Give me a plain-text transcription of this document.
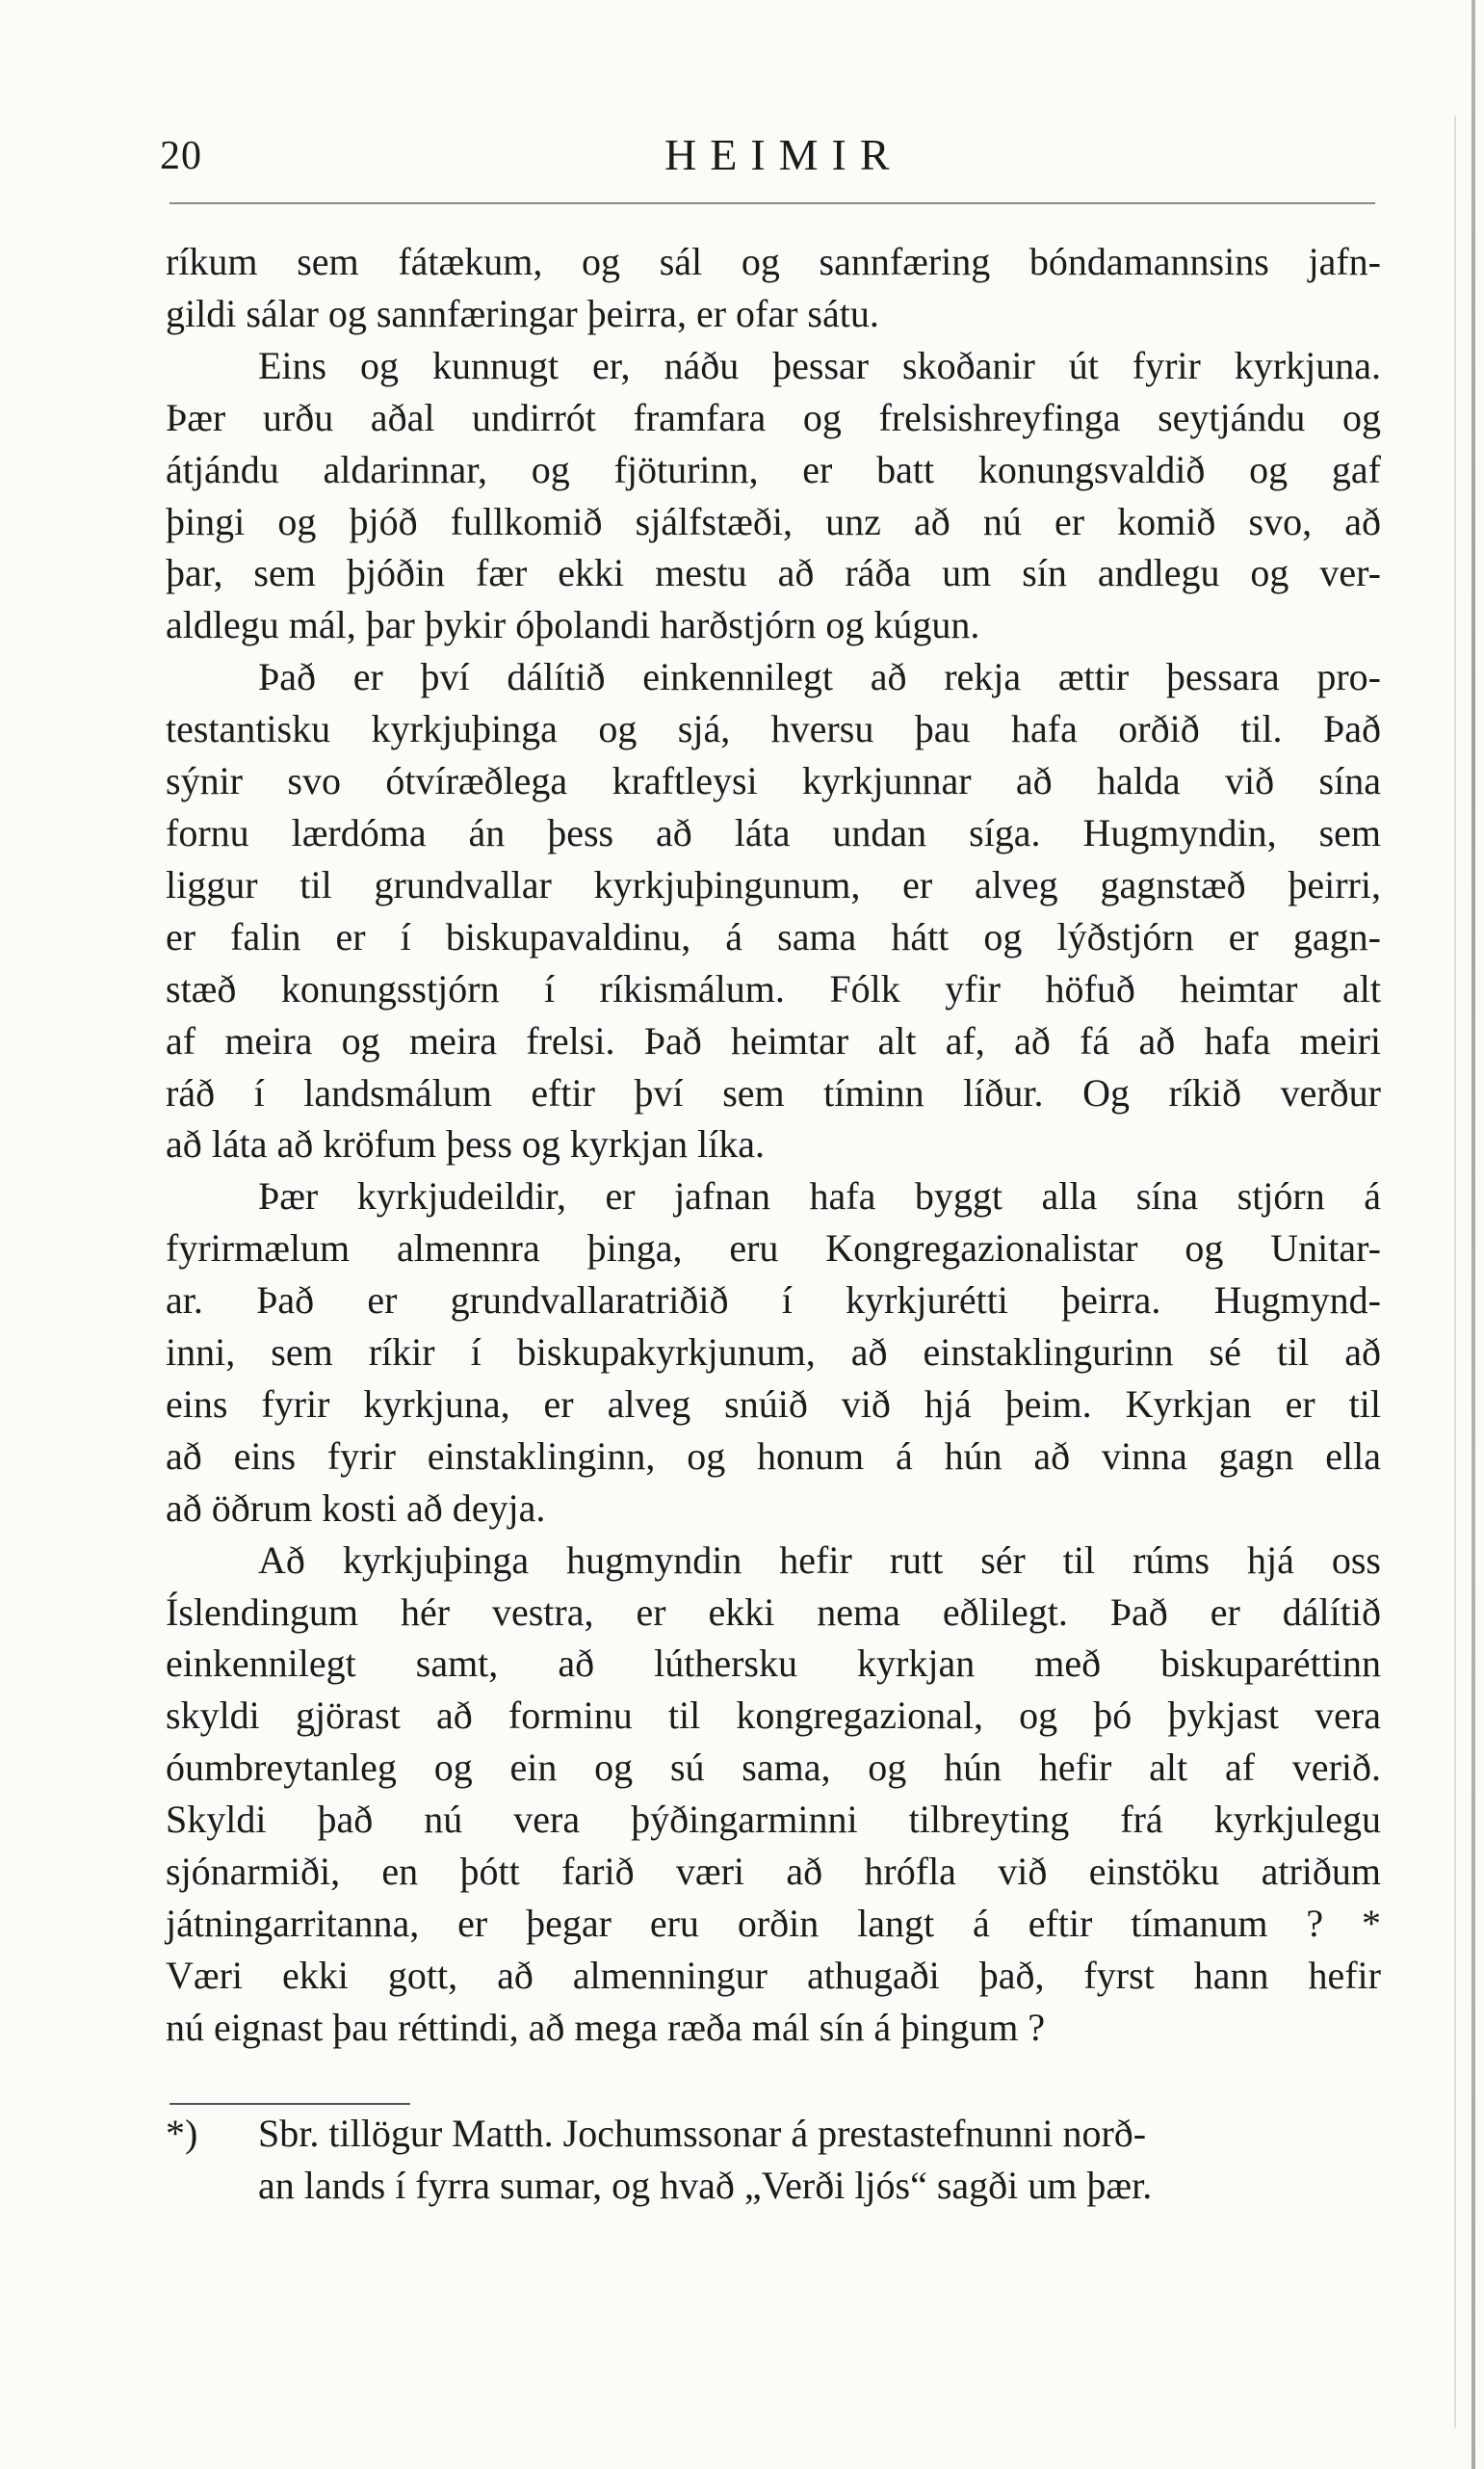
20	HEIMIR
ríkum sem fátækum, og sál og sannfæring bóndamannsins jafn-
gildi sálar og sannfæringar þeirra, er ofar sátu.
Eins og kunnugt er, náðu þessar skoðanir út fyrir kyrkjuna.
Þær urðu aðal undirrót framfara og frelsishreyfinga seytjándu og
átjándu aldarinnar, og fjöturinn, er batt konungsvaldið og gaf
þingi og þjóð fullkomið sjálfstæði, unz að nú er komið svo, að
þar, sem þjóðin fær ekki mestu að ráða um sín andlegu og ver-
aldlegu mál, þar þykir óþolandi harðstjórn og kúgun.
Það er því dálítið einkennilegt að rekja ættir þessara pro-
testantisku kyrkjuþinga og sjá, hversu þau hafa orðið til. Það
sýnir svo ótvíræðlega kraftleysi kyrkjunnar að halda við sína
fornu lærdóma án þess að láta undan síga. Hugmyndin, sem
liggur til grundvallar kyrkjuþingunum, er alveg gagnstæð þeirri,
er falin er í biskupavaldinu, á sama hátt og lýðstjórn er gagn-
stæð konungsstjórn í ríkismálum. Fólk yfir höfuð heimtar alt
af meira og meira frelsi. Það heimtar alt af, að fá að hafa meiri
ráð í landsmálum eftir því sem tíminn líður. Og ríkið verður
að láta að kröfum þess og kyrkjan líka.
Þær kyrkjudeildir, er jafnan hafa byggt alla sína stjórn á
fyrirmælum almennra þinga, eru Kongregazionalistar og Unitar-
ar. Það er grundvallaratriðið í kyrkjurétti þeirra. Hugmynd-
inni, sem ríkir í biskupakyrkjunum, að einstaklingurinn sé til að
eins fyrir kyrkjuna, er alveg snúið við hjá þeim. Kyrkjan er til
að eins fyrir einstaklinginn, og honum á hún að vinna gagn ella
að öðrum kosti að deyja.
Að kyrkjuþinga hugmyndin hefir rutt sér til rúms hjá oss
Íslendingum hér vestra, er ekki nema eðlilegt. Það er dálítið
einkennilegt samt, að lúthersku kyrkjan með biskuparéttinn
skyldi gjörast að forminu til kongregazional, og þó þykjast vera
óumbreytanleg og ein og sú sama, og hún hefir alt af verið.
Skyldi það nú vera þýðingarminni tilbreyting frá kyrkjulegu
sjónarmiði, en þótt farið væri að hrófla við einstöku atriðum
játningarritanna, er þegar eru orðin langt á eftir tímanum ? *
Væri ekki gott, að almenningur athugaði það, fyrst hann hefir
nú eignast þau réttindi, að mega ræða mál sín á þingum ?
*) Sbr. tillögur Matth. Jochumssonar á prestastefnunni norð-
an lands í fyrra sumar, og hvað „Verði ljós“ sagði um þær.
